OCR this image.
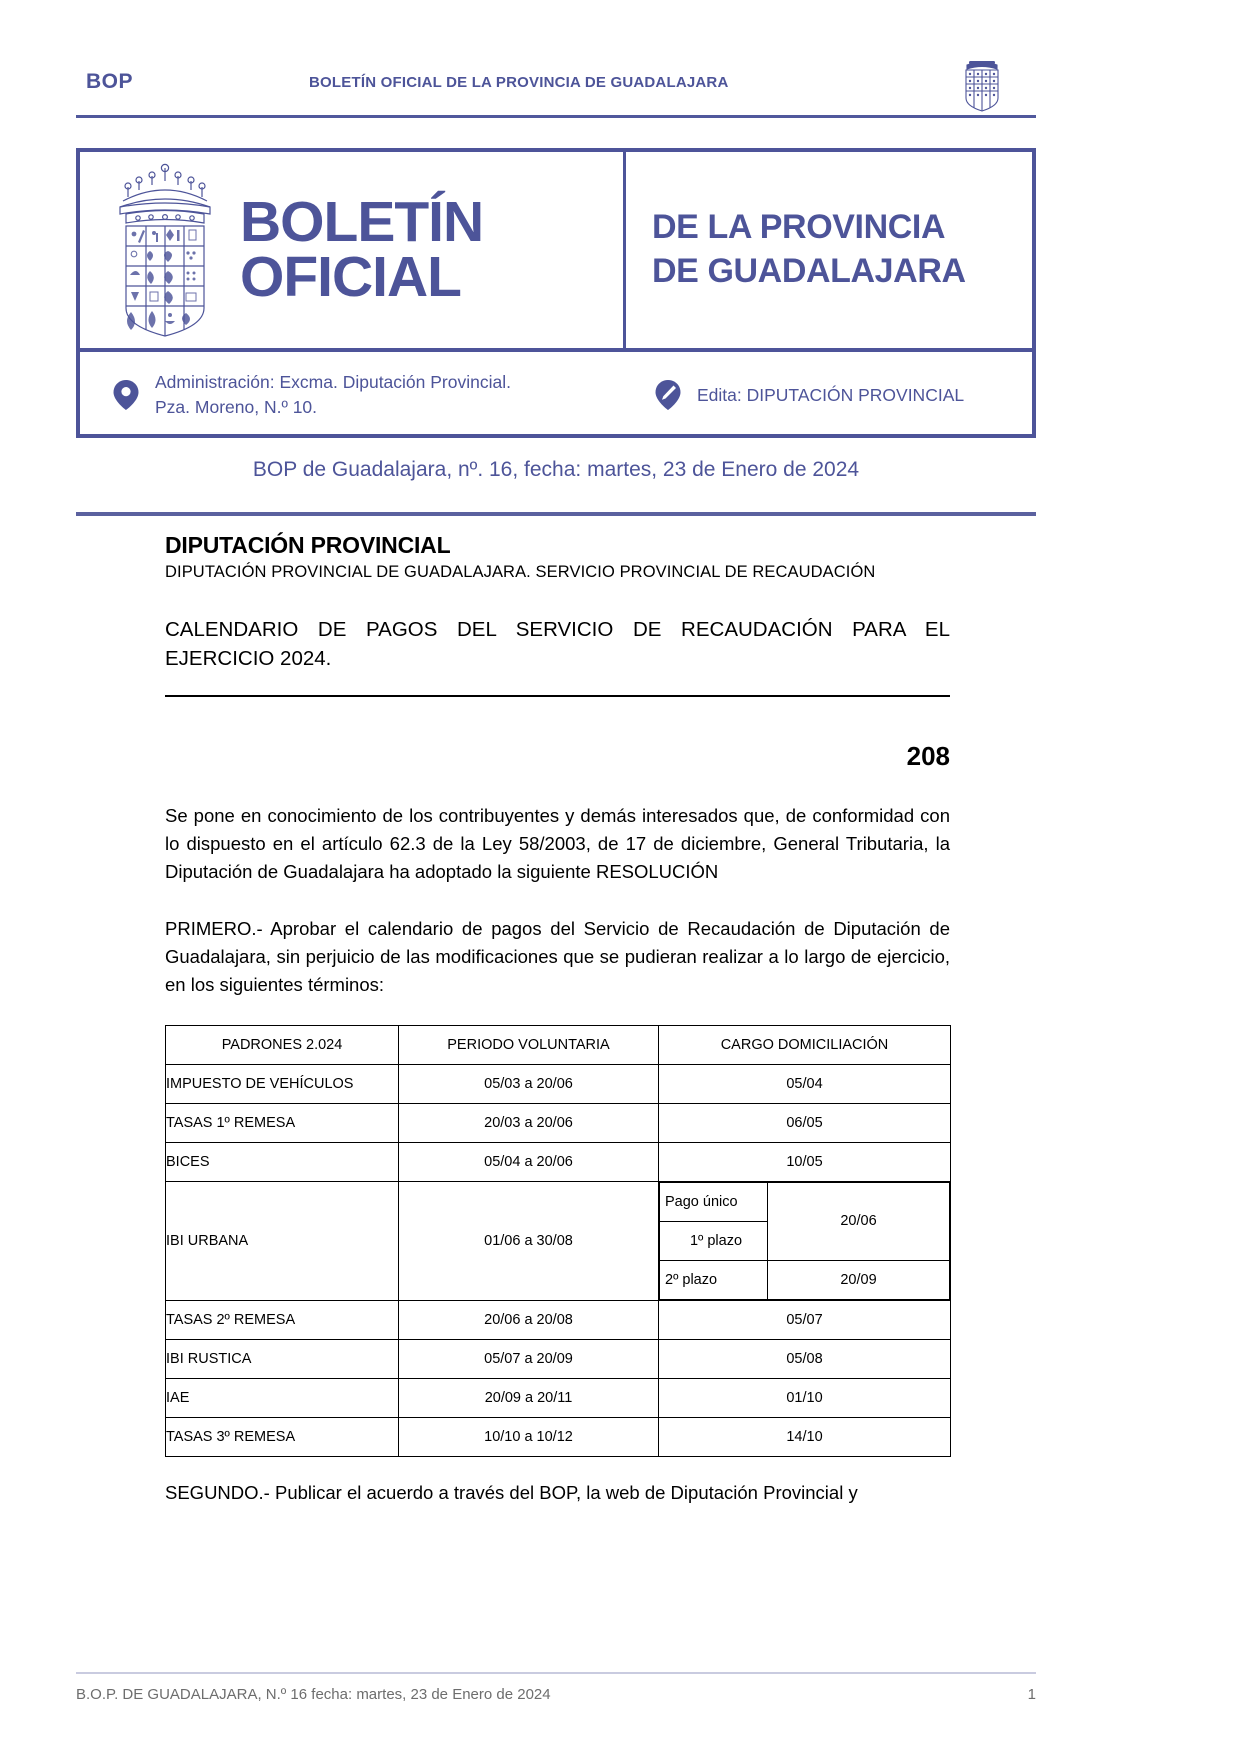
BOP	BOLETÍN OFICIAL DE LA PROVINCIA DE GUADALAJARA
BOLETÍN
OFICIAL
DE LA PROVINCIA
DE GUADALAJARA
Administración: Excma. Diputación Provincial.
Pza. Moreno, N.º 10.
Edita: DIPUTACIÓN PROVINCIAL
BOP de Guadalajara, nº. 16, fecha: martes, 23 de Enero de 2024
DIPUTACIÓN PROVINCIAL

DIPUTACIÓN PROVINCIAL DE GUADALAJARA. SERVICIO PROVINCIAL DE RECAUDACIÓN

CALENDARIO DE PAGOS DEL SERVICIO DE RECAUDACIÓN PARA EL EJERCICIO 2024.
208

Se pone en conocimiento de los contribuyentes y demás interesados que, de conformidad con lo dispuesto en el artículo 62.3 de la Ley 58/2003, de 17 de diciembre, General Tributaria, la Diputación de Guadalajara ha adoptado la siguiente RESOLUCIÓN

PRIMERO.- Aprobar el calendario de pagos del Servicio de Recaudación de Diputación de Guadalajara, sin perjuicio de las modificaciones que se pudieran realizar a lo largo de ejercicio, en los siguientes términos:

PADRONES 2.024	PERIODO VOLUNTARIA	CARGO DOMICILIACIÓN
IMPUESTO DE VEHÍCULOS	05/03 a 20/06	05/04
TASAS 1º REMESA	20/03 a 20/06	06/05
BICES	05/04 a 20/06	10/05
IBI URBANA	01/06 a 30/08	
Pago único	20/06
1º plazo
2º plazo	20/09

TASAS 2º REMESA	20/06 a 20/08	05/07
IBI RUSTICA	05/07 a 20/09	05/08
IAE	20/09 a 20/11	01/10
TASAS 3º REMESA	10/10 a 10/12	14/10

SEGUNDO.- Publicar el acuerdo a través del BOP, la web de Diputación Provincial y

B.O.P. DE GUADALAJARA, N.º 16 fecha: martes, 23 de Enero de 2024	1
